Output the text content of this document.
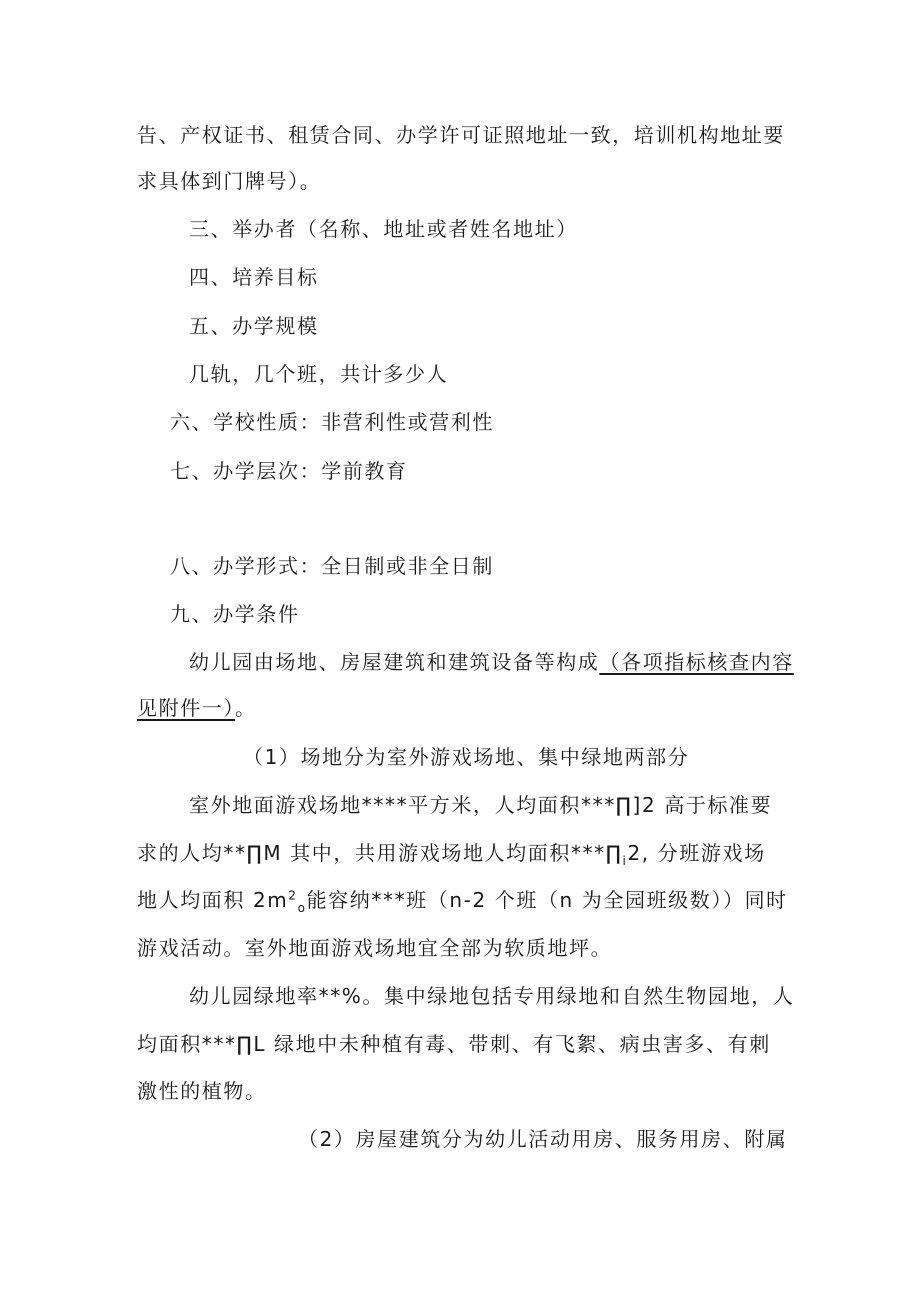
告、产权证书、租赁合同、办学许可证照地址一致，培训机构地址要
求具体到门牌号）。
三、举办者（名称、地址或者姓名地址）
四、培养目标
五、办学规模
几轨，几个班，共计多少人
六、学校性质：非营利性或营利性
七、办学层次：学前教育
八、办学形式：全日制或非全日制
九、办学条件
幼儿园由场地、房屋建筑和建筑设备等构成（各项指标核查内容
见附件一）。
（1）场地分为室外游戏场地、集中绿地两部分
室外地面游戏场地****平方米，人均面积***∏]2 高于标准要
求的人均**∏M 其中，共用游戏场地人均面积$***\prod_i2$, 分班游戏场
地人均面积 $2m^2_o$能容纳***班（n-2 个班（n 为全园班级数））同时
游戏活动。室外地面游戏场地宜全部为软质地坪。
幼儿园绿地率**%。集中绿地包括专用绿地和自然生物园地，人
均面积***∏L 绿地中未种植有毒、带刺、有飞絮、病虫害多、有刺
激性的植物。
（2）房屋建筑分为幼儿活动用房、服务用房、附属
